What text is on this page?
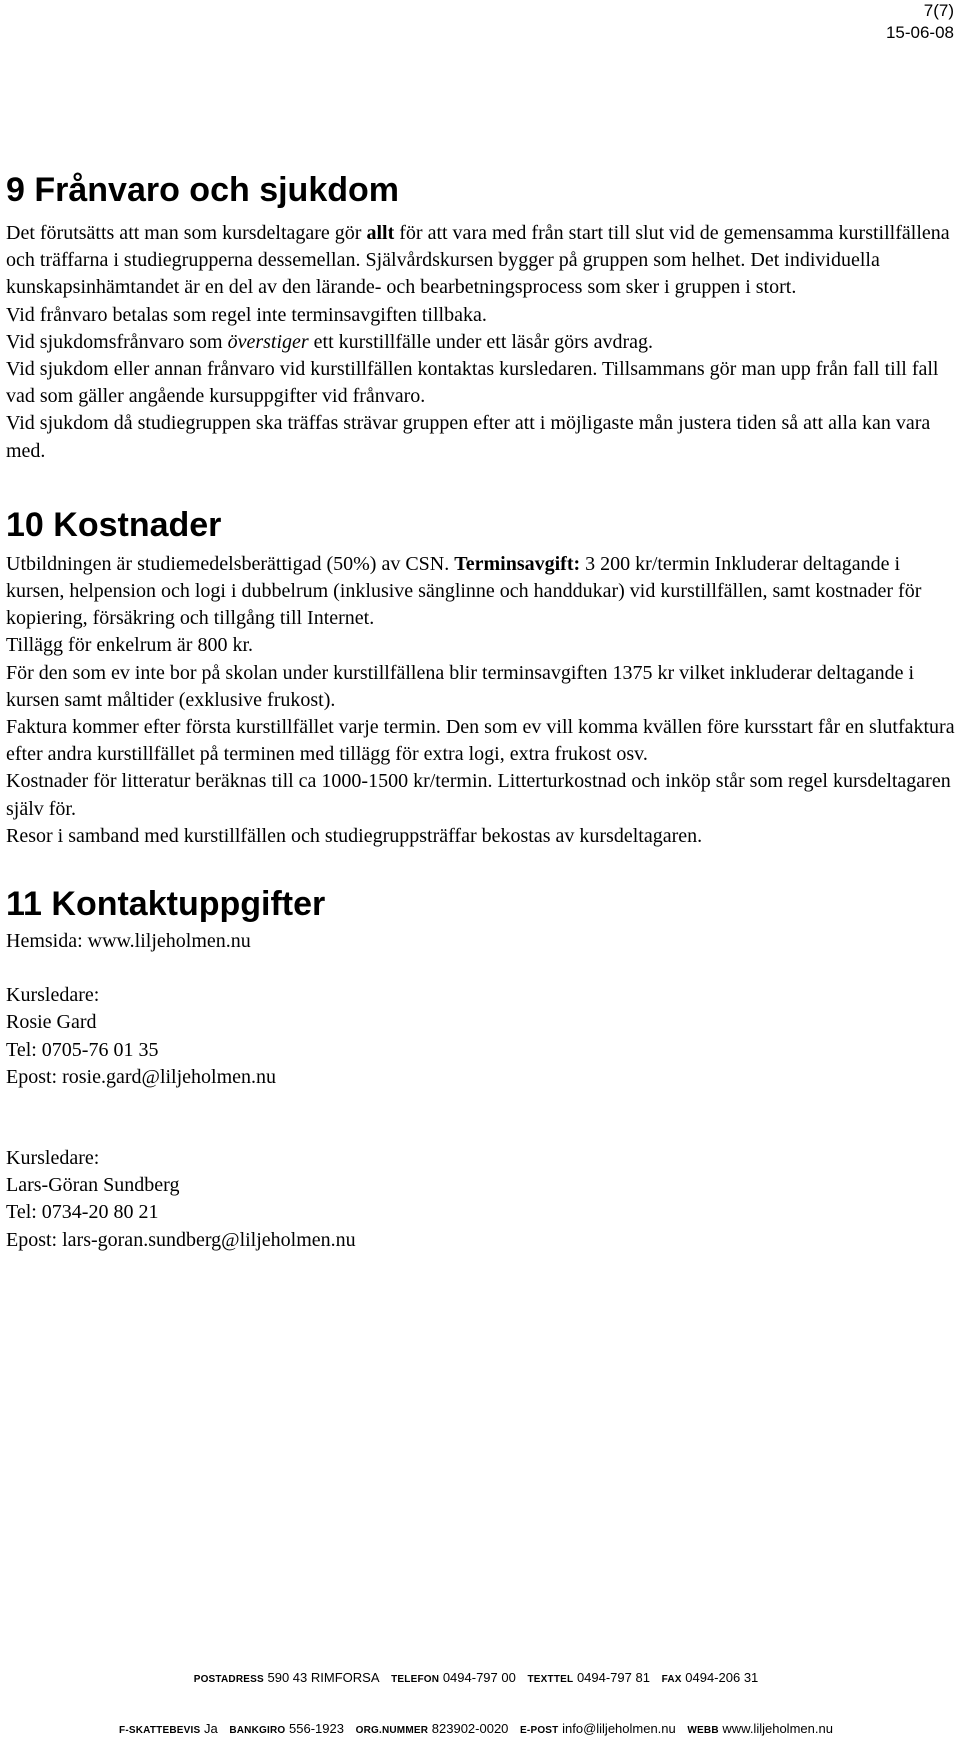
7(7)
15-06-08
9 Frånvaro och sjukdom

Det förutsätts att man som kursdeltagare gör allt för att vara med från start till slut vid de gemensamma kurstillfällena och träffarna i studiegrupperna dessemellan. Självårdskursen bygger på gruppen som helhet. Det individuella kunskapsinhämtandet är en del av den lärande- och bearbetningsprocess som sker i gruppen i stort.

Vid frånvaro betalas som regel inte terminsavgiften tillbaka.

Vid sjukdomsfrånvaro som överstiger ett kurstillfälle under ett läsår görs avdrag.

Vid sjukdom eller annan frånvaro vid kurstillfällen kontaktas kursledaren. Tillsammans gör man upp från fall till fall vad som gäller angående kursuppgifter vid frånvaro.

Vid sjukdom då studiegruppen ska träffas strävar gruppen efter att i möjligaste mån justera tiden så att alla kan vara med.

10 Kostnader

Utbildningen är studiemedelsberättigad (50%) av CSN. Terminsavgift: 3 200 kr/termin Inkluderar deltagande i kursen, helpension och logi i dubbelrum (inklusive sänglinne och handdukar) vid kurstillfällen, samt kostnader för kopiering, försäkring och tillgång till Internet.

Tillägg för enkelrum är 800 kr.

För den som ev inte bor på skolan under kurstillfällena blir terminsavgiften 1375 kr vilket inkluderar deltagande i kursen samt måltider (exklusive frukost).

Faktura kommer efter första kurstillfället varje termin. Den som ev vill komma kvällen före kursstart får en slutfaktura efter andra kurstillfället på terminen med tillägg för extra logi, extra frukost osv.

Kostnader för litteratur beräknas till ca 1000-1500 kr/termin. Litterturkostnad och inköp står som regel kursdeltagaren själv för.

Resor i samband med kurstillfällen och studiegruppsträffar bekostas av kursdeltagaren.

11 Kontaktuppgifter

Hemsida: www.liljeholmen.nu

Kursledare:

Rosie Gard

Tel: 0705-76 01 35

Epost: rosie.gard@liljeholmen.nu

Kursledare:

Lars-Göran Sundberg

Tel: 0734-20 80 21

Epost: lars-goran.sundberg@liljeholmen.nu

POSTADRESS 590 43 RIMFORSA TELEFON 0494-797 00 TEXTTEL 0494-797 81 FAX 0494-206 31
F-SKATTEBEVIS Ja BANKGIRO 556-1923 ORG.NUMMER 823902-0020 E-POST info@liljeholmen.nu WEBB www.liljeholmen.nu
